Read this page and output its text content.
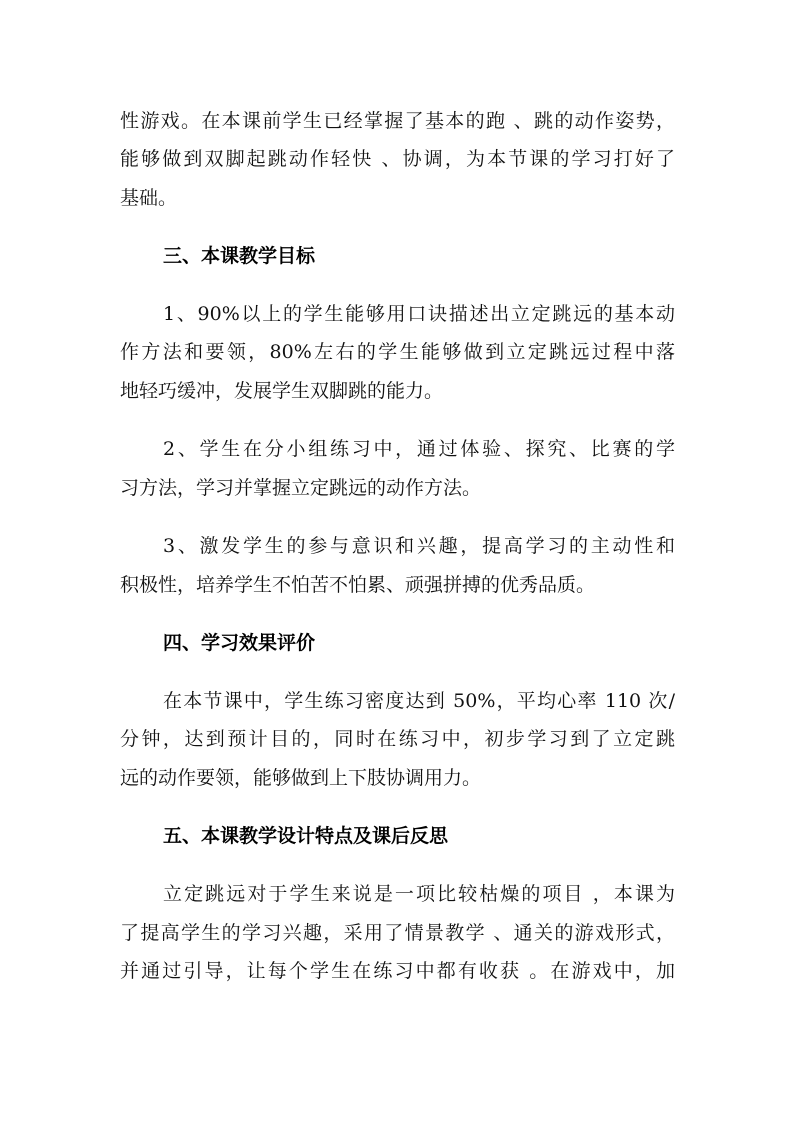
性游戏。在本课前学生已经掌握了基本的跑 、跳的动作姿势，
能够做到双脚起跳动作轻快 、协调，为本节课的学习打好了
基础。
三、本课教学目标
1、90%以上的学生能够用口诀描述出立定跳远的基本动
作方法和要领，80%左右的学生能够做到立定跳远过程中落
地轻巧缓冲，发展学生双脚跳的能力。
2、学生在分小组练习中，通过体验、探究、比赛的学
习方法，学习并掌握立定跳远的动作方法。
3、激发学生的参与意识和兴趣，提高学习的主动性和
积极性，培养学生不怕苦不怕累、顽强拼搏的优秀品质。
四、学习效果评价
在本节课中，学生练习密度达到 50%，平均心率 110 次/
分钟，达到预计目的，同时在练习中，初步学习到了立定跳
远的动作要领，能够做到上下肢协调用力。
五、本课教学设计特点及课后反思
立定跳远对于学生来说是一项比较枯燥的项目 ，本课为
了提高学生的学习兴趣，采用了情景教学 、通关的游戏形式，
并通过引导，让每个学生在练习中都有收获 。在游戏中，加
